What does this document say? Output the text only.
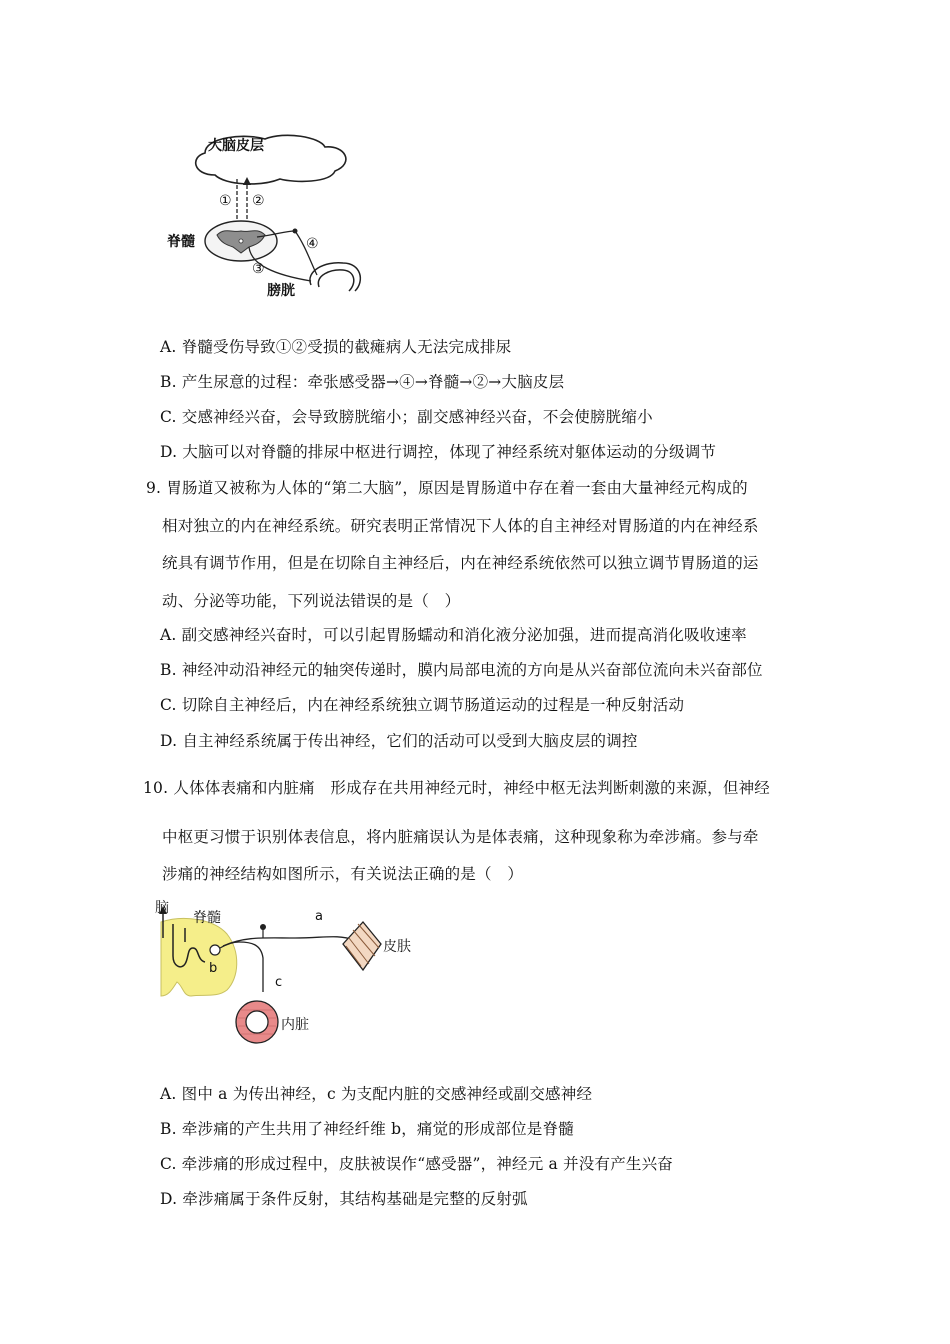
大脑皮层
① ②
脊髓	④
③
膀胱
A. 脊髓受伤导致①②受损的截瘫病人无法完成排尿
B. 产生尿意的过程：牵张感受器→④→脊髓→②→大脑皮层
C. 交感神经兴奋，会导致膀胱缩小；副交感神经兴奋，不会使膀胱缩小
D. 大脑可以对脊髓的排尿中枢进行调控，体现了神经系统对躯体运动的分级调节
9. 胃肠道又被称为人体的“第二大脑”，原因是胃肠道中存在着一套由大量神经元构成的
相对独立的内在神经系统。研究表明正常情况下人体的自主神经对胃肠道的内在神经系
统具有调节作用，但是在切除自主神经后，内在神经系统依然可以独立调节胃肠道的运
动、分泌等功能，下列说法错误的是（　）
A. 副交感神经兴奋时，可以引起胃肠蠕动和消化液分泌加强，进而提高消化吸收速率
B. 神经冲动沿神经元的轴突传递时，膜内局部电流的方向是从兴奋部位流向未兴奋部位
C. 切除自主神经后，内在神经系统独立调节肠道运动的过程是一种反射活动
D. 自主神经系统属于传出神经，它们的活动可以受到大脑皮层的调控
10. 人体体表痛和内脏痛　形成存在共用神经元时，神经中枢无法判断刺激的来源，但神经
中枢更习惯于识别体表信息，将内脏痛误认为是体表痛，这种现象称为牵涉痛。参与牵
涉痛的神经结构如图所示，有关说法正确的是（　）
脑
脊髓
b
a
皮肤
c
内脏
A. 图中 a 为传出神经，c 为支配内脏的交感神经或副交感神经
B. 牵涉痛的产生共用了神经纤维 b，痛觉的形成部位是脊髓
C. 牵涉痛的形成过程中，皮肤被误作“感受器”，神经元 a 并没有产生兴奋
D. 牵涉痛属于条件反射，其结构基础是完整的反射弧
